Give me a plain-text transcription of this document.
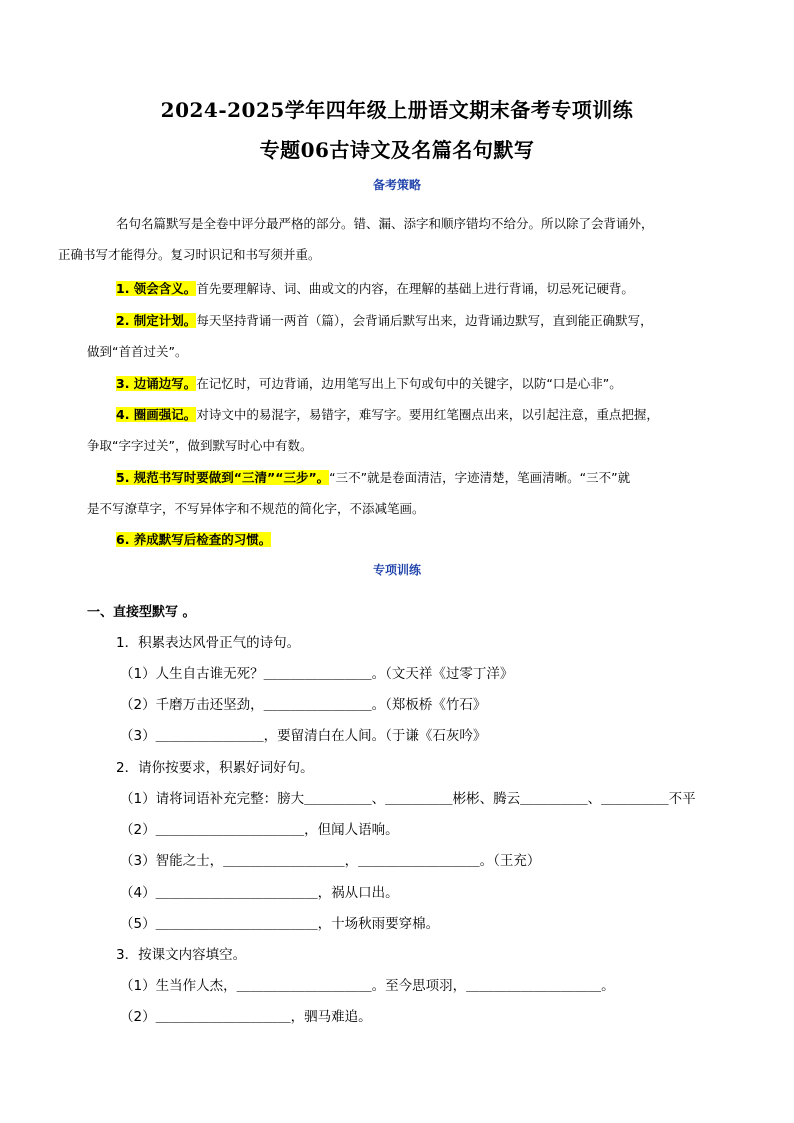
2024-2025学年四年级上册语文期末备考专项训练
专题06古诗文及名篇名句默写
备考策略
名句名篇默写是全卷中评分最严格的部分。错、漏、添字和顺序错均不给分。所以除了会背诵外，
正确书写才能得分。复习时识记和书写须并重。
1. 领会含义。首先要理解诗、词、曲或文的内容，在理解的基础上进行背诵，切忌死记硬背。
2. 制定计划。每天坚持背诵一两首（篇），会背诵后默写出来，边背诵边默写，直到能正确默写，
做到“首首过关”。
3. 边诵边写。在记忆时，可边背诵，边用笔写出上下句或句中的关键字，以防“口是心非”。
4. 圈画强记。对诗文中的易混字，易错字，难写字。要用红笔圈点出来，以引起注意，重点把握，
争取“字字过关”，做到默写时心中有数。
5. 规范书写时要做到“三清”“三步”。“三不”就是卷面清洁，字迹清楚，笔画清晰。“三不”就
是不写潦草字，不写异体字和不规范的简化字，不添减笔画。
6. 养成默写后检查的习惯。
专项训练
一、直接型默写 。
1．积累表达风骨正气的诗句。
（1）人生自古谁无死？＿＿＿＿＿＿＿＿。（文天祥《过零丁洋》
（2）千磨万击还坚劲，＿＿＿＿＿＿＿＿。（郑板桥《竹石》
（3）＿＿＿＿＿＿＿＿，要留清白在人间。（于谦《石灰吟》
2．请你按要求，积累好词好句。
（1）请将词语补充完整：膀大＿＿＿＿＿、＿＿＿＿＿彬彬、腾云＿＿＿＿＿、＿＿＿＿＿不平
（2）＿＿＿＿＿＿＿＿＿＿＿，但闻人语响。
（3）智能之士，＿＿＿＿＿＿＿＿＿，＿＿＿＿＿＿＿＿＿。（王充）
（4）＿＿＿＿＿＿＿＿＿＿＿＿，祸从口出。
（5）＿＿＿＿＿＿＿＿＿＿＿＿，十场秋雨要穿棉。
3．按课文内容填空。
（1）生当作人杰，＿＿＿＿＿＿＿＿＿＿。至今思项羽，＿＿＿＿＿＿＿＿＿＿。
（2）＿＿＿＿＿＿＿＿＿＿，驷马难追。
